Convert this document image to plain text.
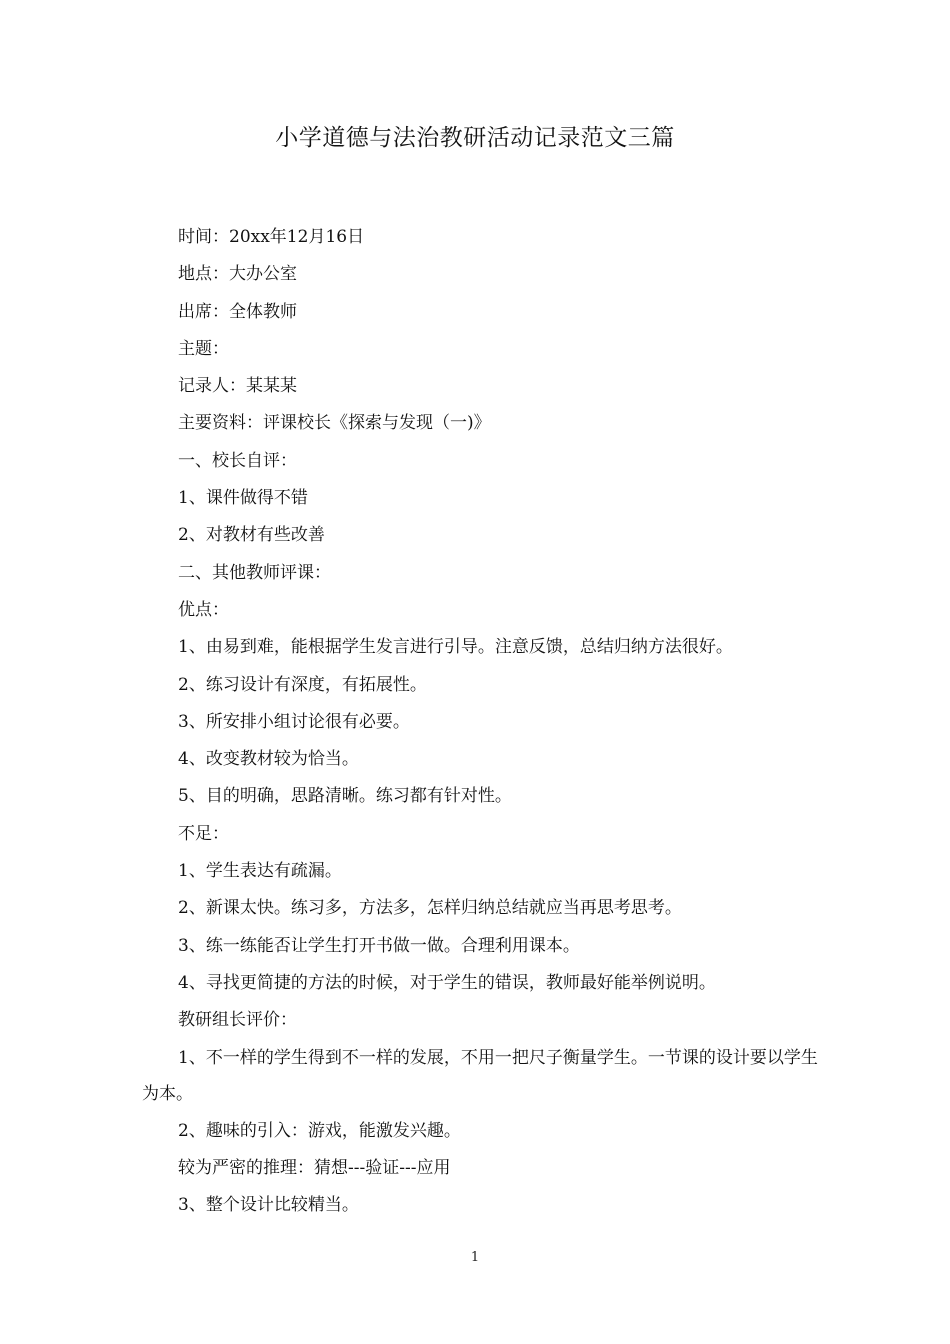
小学道德与法治教研活动记录范文三篇

时间：20xx年12月16日

地点：大办公室

出席：全体教师

主题：

记录人：某某某

主要资料：评课校长《探索与发现（一)》

一、校长自评：

1、课件做得不错

2、对教材有些改善

二、其他教师评课：

优点：

1、由易到难，能根据学生发言进行引导。注意反馈，总结归纳方法很好。

2、练习设计有深度，有拓展性。

3、所安排小组讨论很有必要。

4、改变教材较为恰当。

5、目的明确，思路清晰。练习都有针对性。

不足：

1、学生表达有疏漏。

2、新课太快。练习多，方法多，怎样归纳总结就应当再思考思考。

3、练一练能否让学生打开书做一做。合理利用课本。

4、寻找更简捷的方法的时候，对于学生的错误，教师最好能举例说明。

教研组长评价：

1、不一样的学生得到不一样的发展，不用一把尺子衡量学生。一节课的设计要以学生为本。

2、趣味的引入：游戏，能激发兴趣。

较为严密的推理：猜想---验证---应用

3、整个设计比较精当。

1
